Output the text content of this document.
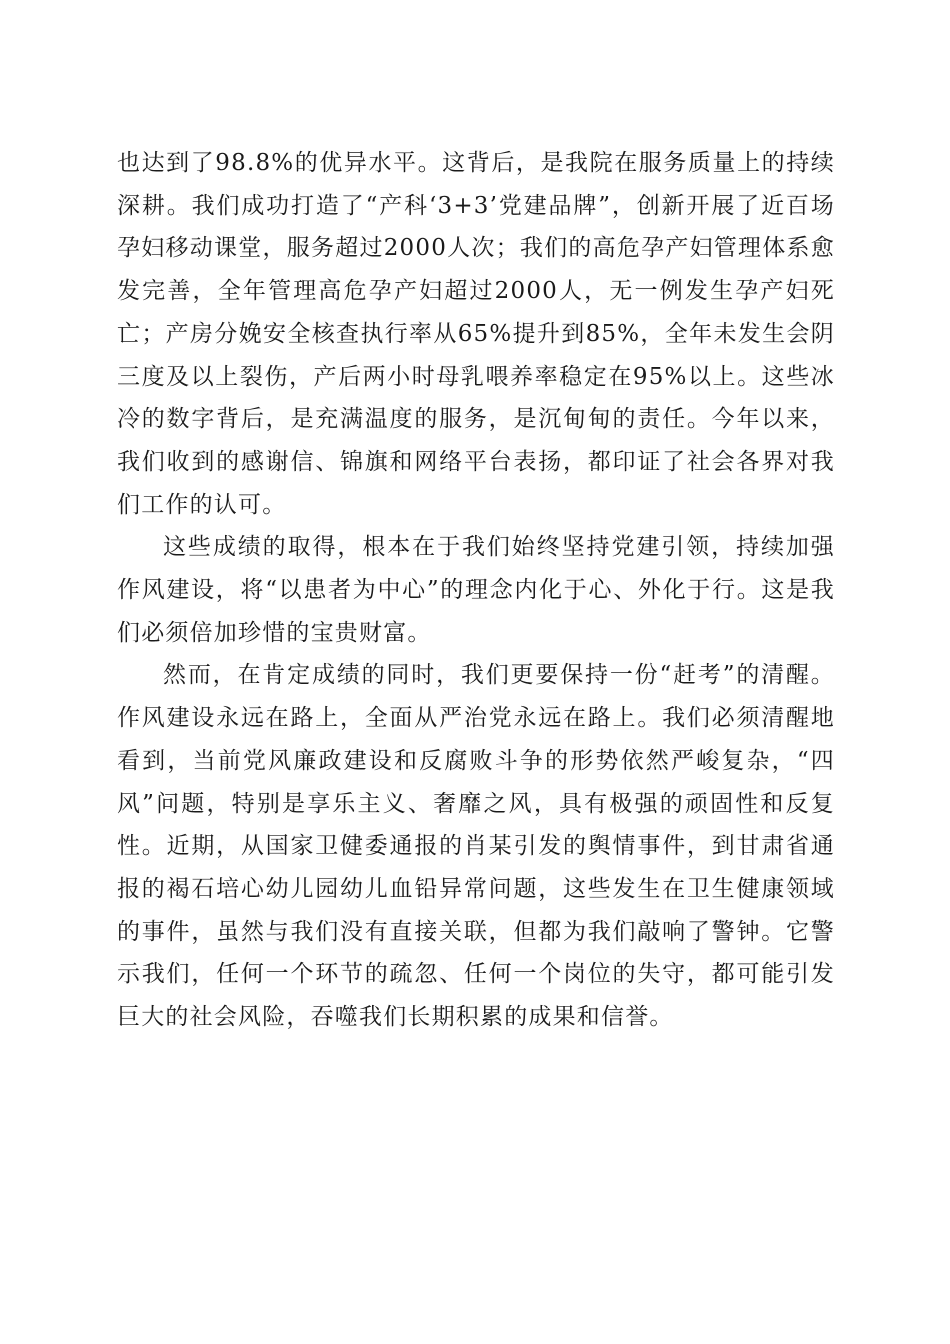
也达到了98.8%的优异水平。这背后，是我院在服务质量上的持续深耕。我们成功打造了“产科‘3+3’党建品牌”，创新开展了近百场孕妇移动课堂，服务超过2000人次；我们的高危孕产妇管理体系愈发完善，全年管理高危孕产妇超过2000人，无一例发生孕产妇死亡；产房分娩安全核查执行率从65%提升到85%，全年未发生会阴三度及以上裂伤，产后两小时母乳喂养率稳定在95%以上。这些冰冷的数字背后，是充满温度的服务，是沉甸甸的责任。今年以来，我们收到的感谢信、锦旗和网络平台表扬，都印证了社会各界对我们工作的认可。

这些成绩的取得，根本在于我们始终坚持党建引领，持续加强作风建设，将“以患者为中心”的理念内化于心、外化于行。这是我们必须倍加珍惜的宝贵财富。

然而，在肯定成绩的同时，我们更要保持一份“赶考”的清醒。作风建设永远在路上，全面从严治党永远在路上。我们必须清醒地看到，当前党风廉政建设和反腐败斗争的形势依然严峻复杂，“四风”问题，特别是享乐主义、奢靡之风，具有极强的顽固性和反复性。近期，从国家卫健委通报的肖某引发的舆情事件，到甘肃省通报的褐石培心幼儿园幼儿血铅异常问题，这些发生在卫生健康领域的事件，虽然与我们没有直接关联，但都为我们敲响了警钟。它警示我们，任何一个环节的疏忽、任何一个岗位的失守，都可能引发巨大的社会风险，吞噬我们长期积累的成果和信誉。
